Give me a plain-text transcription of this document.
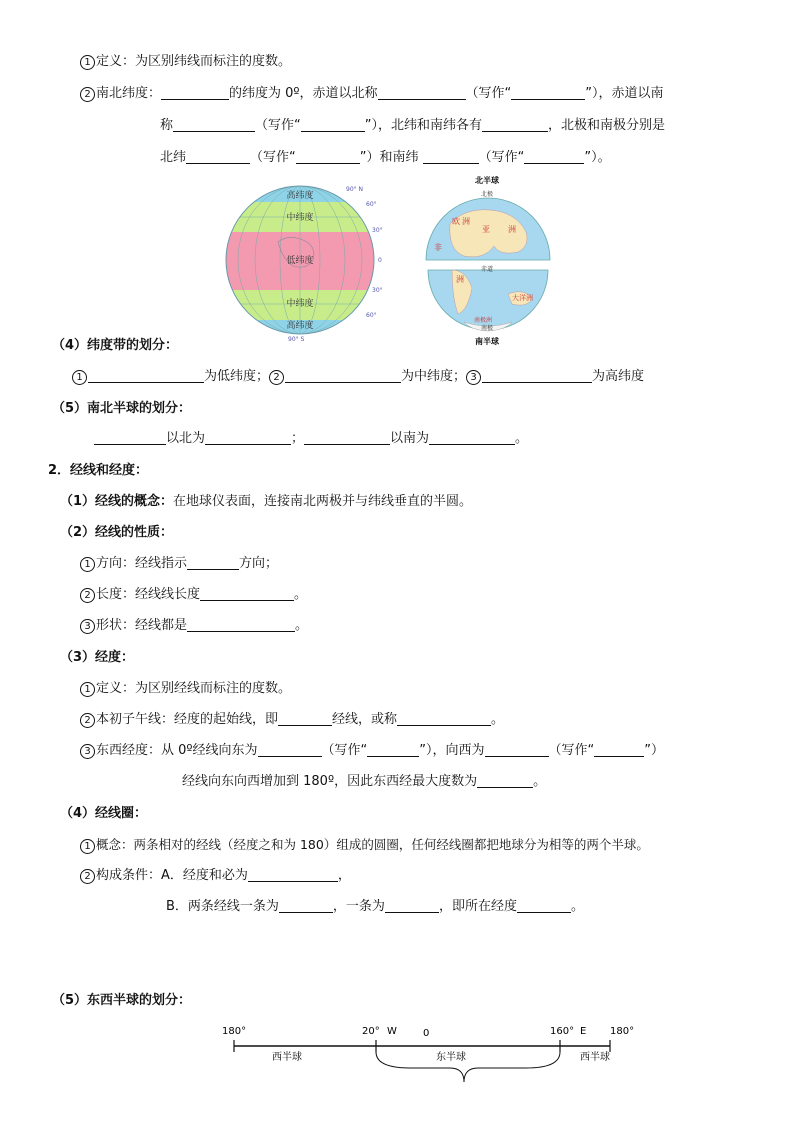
1 定义：为区别纬线而标注的度数。
2 南北纬度：	的纬度为 0º，赤道以北称	（写作“	”），赤道以南
称	（写作“	”），北纬和南纬各有	，北极和南极分别是
北纬	（写作“	”）和南纬	（写作“	”）。
高纬度
中纬度
低纬度
中纬度
高纬度
90° N
60°
30°
0
30°
60°
90° S
北半球
北极
欧 洲
亚 洲
非
洲
赤道
大洋洲
南极洲
南极
南半球
（4）纬度带的划分：
1	为低纬度； 2	为中纬度； 3	为高纬度
（5）南北半球的划分：
以北为	；	以南为	。
2．经线和经度：
（1）经线的概念：在地球仪表面，连接南北两极并与纬线垂直的半圆。
（2）经线的性质：
1 方向：经线指示	方向；
2 长度：经线线长度	。
3 形状：经线都是	。
（3）经度：
1 定义：为区别经线而标注的度数。
2 本初子午线：经度的起始线，即	经线，或称	。
3 东西经度：从 0º经线向东为	（写作“	”），向西为	（写作“	”）
经线向东向西增加到 180º，因此东西经最大度数为	。
（4）经线圈：
1 概念：两条相对的经线（经度之和为 180）组成的圆圈，任何经线圈都把地球分为相等的两个半球。
2 构成条件：A．经度和必为	，
B．两条经线一条为	，一条为	，即所在经度	。
（5）东西半球的划分：
180°	20° W	0	160° E 180°
西半球	东半球	西半球
